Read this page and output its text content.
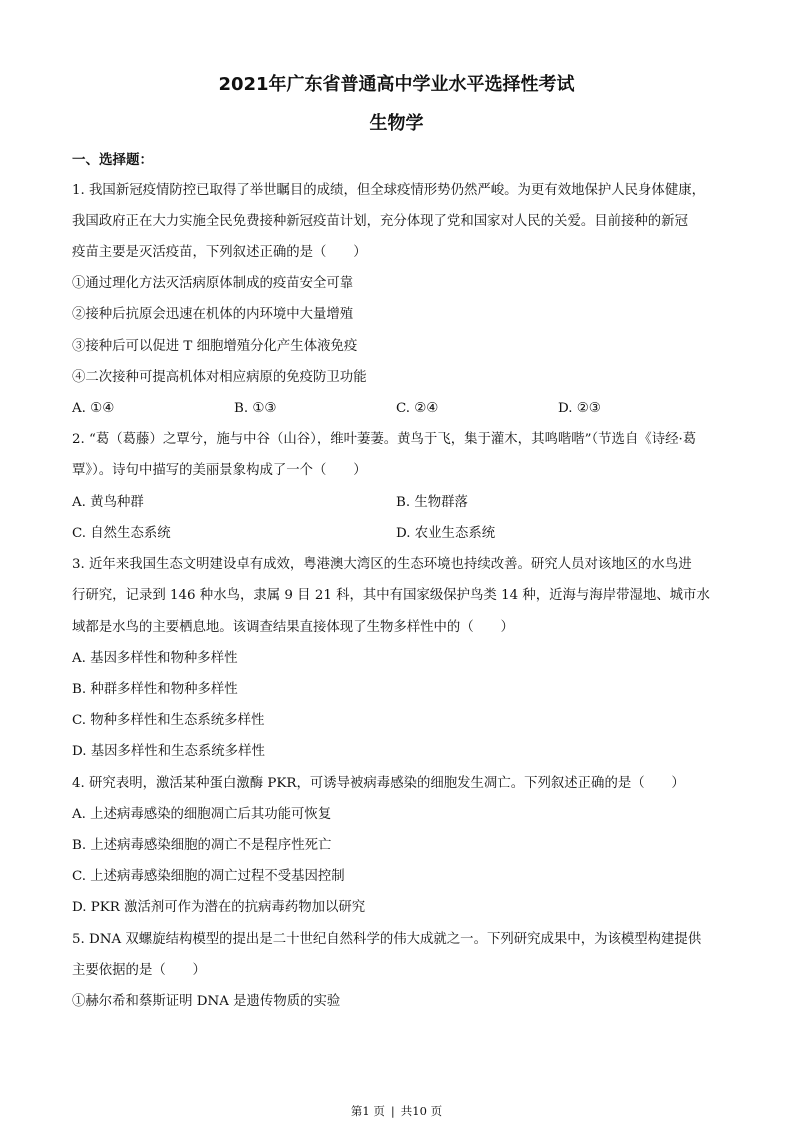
2021年广东省普通高中学业水平选择性考试
生物学
一、选择题：
1. 我国新冠疫情防控已取得了举世瞩目的成绩，但全球疫情形势仍然严峻。为更有效地保护人民身体健康，
我国政府正在大力实施全民免费接种新冠疫苗计划，充分体现了党和国家对人民的关爱。目前接种的新冠
疫苗主要是灭活疫苗，下列叙述正确的是（　　）
①通过理化方法灭活病原体制成的疫苗安全可靠
②接种后抗原会迅速在机体的内环境中大量增殖
③接种后可以促进 T 细胞增殖分化产生体液免疫
④二次接种可提高机体对相应病原的免疫防卫功能
A. ①④	B. ①③	C. ②④	D. ②③
2. “葛（葛藤）之覃兮，施与中谷（山谷），维叶萋萋。黄鸟于飞，集于灌木，其鸣喈喈”（节选自《诗经·葛
覃》）。诗句中描写的美丽景象构成了一个（　　）
A. 黄鸟种群	B. 生物群落
C. 自然生态系统	D. 农业生态系统
3. 近年来我国生态文明建设卓有成效，粤港澳大湾区的生态环境也持续改善。研究人员对该地区的水鸟进
行研究，记录到 146 种水鸟，隶属 9 目 21 科，其中有国家级保护鸟类 14 种，近海与海岸带湿地、城市水
域都是水鸟的主要栖息地。该调查结果直接体现了生物多样性中的（　　）
A. 基因多样性和物种多样性
B. 种群多样性和物种多样性
C. 物种多样性和生态系统多样性
D. 基因多样性和生态系统多样性
4. 研究表明，激活某种蛋白激酶 PKR，可诱导被病毒感染的细胞发生凋亡。下列叙述正确的是（　　）
A. 上述病毒感染的细胞凋亡后其功能可恢复
B. 上述病毒感染细胞的凋亡不是程序性死亡
C. 上述病毒感染细胞的凋亡过程不受基因控制
D. PKR 激活剂可作为潜在的抗病毒药物加以研究
5. DNA 双螺旋结构模型的提出是二十世纪自然科学的伟大成就之一。下列研究成果中，为该模型构建提供
主要依据的是（　　）
①赫尔希和蔡斯证明 DNA 是遗传物质的实验
第1 页 | 共10 页
